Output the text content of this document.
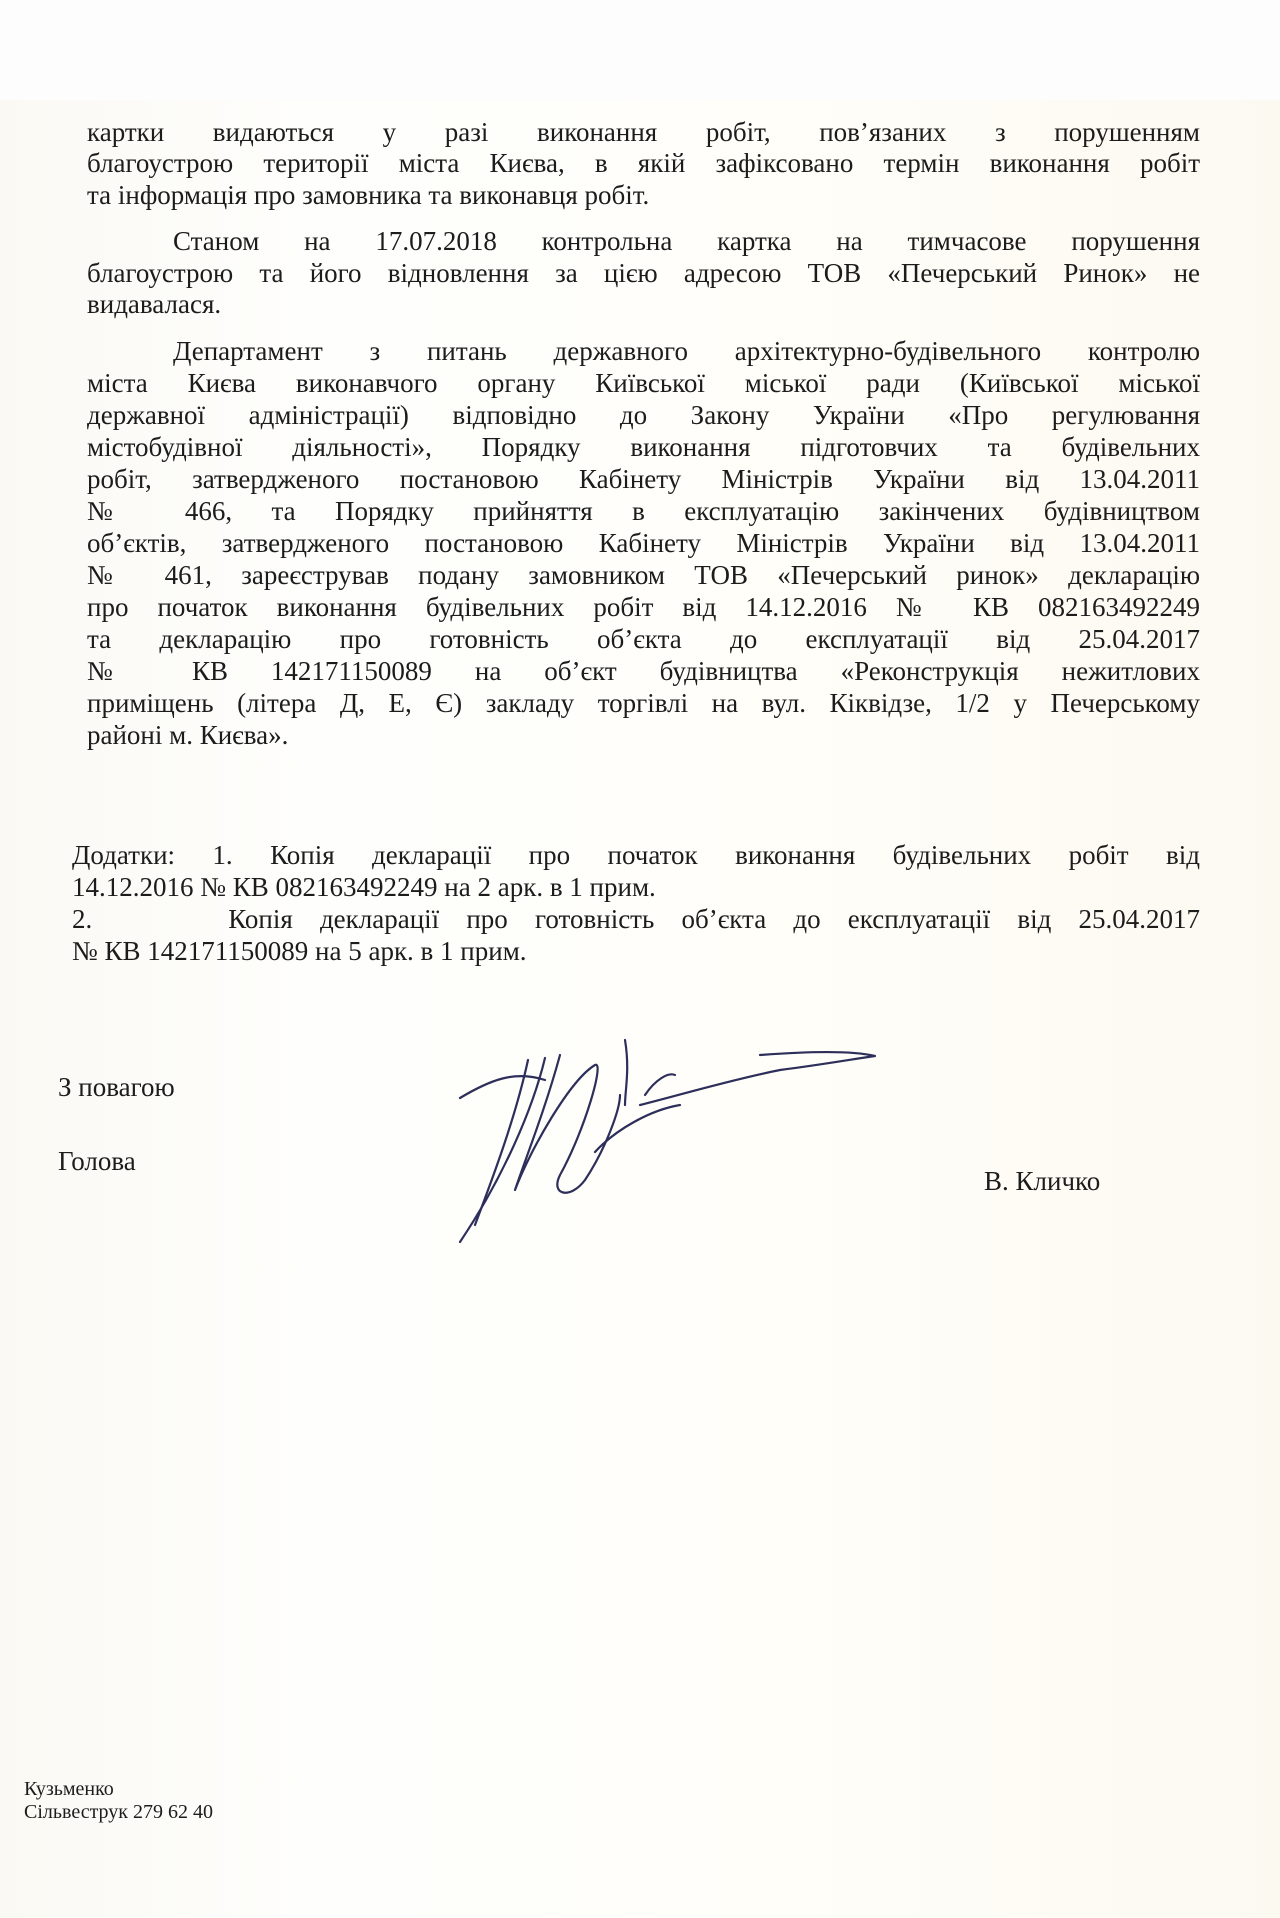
картки видаються у разі виконання робіт, пов’язаних з порушенням
благоустрою території міста Києва, в якій зафіксовано термін виконання робіт
та інформація про замовника та виконавця робіт.
Станом на 17.07.2018 контрольна картка на тимчасове порушення
благоустрою та його відновлення за цією адресою ТОВ «Печерський Ринок» не
видавалася.
Департамент з питань державного архітектурно-будівельного контролю
міста Києва виконавчого органу Київської міської ради (Київської міської
державної адміністрації) відповідно до Закону України «Про регулювання
містобудівної діяльності», Порядку виконання підготовчих та будівельних
робіт, затвердженого постановою Кабінету Міністрів України від 13.04.2011
№ 466, та Порядку прийняття в експлуатацію закінчених будівництвом
об’єктів, затвердженого постановою Кабінету Міністрів України від 13.04.2011
№ 461, зареєстрував подану замовником ТОВ «Печерський ринок» декларацію
про початок виконання будівельних робіт від 14.12.2016 № КВ 082163492249
та декларацію про готовність об’єкта до експлуатації від 25.04.2017
№ КВ 142171150089 на об’єкт будівництва «Реконструкція нежитлових
приміщень (літера Д, Е, Є) закладу торгівлі на вул. Кіквідзе, 1/2 у Печерському
районі м. Києва».
Додатки: 1. Копія декларації про початок виконання будівельних робіт від
14.12.2016 № КВ 082163492249 на 2 арк. в 1 прим.
2.     Копія декларації про готовність об’єкта до експлуатації від 25.04.2017
№ КВ 142171150089 на 5 арк. в 1 прим.
З повагою
Голова
В. Кличко
Кузьменко
Сільвеструк 279 62 40
